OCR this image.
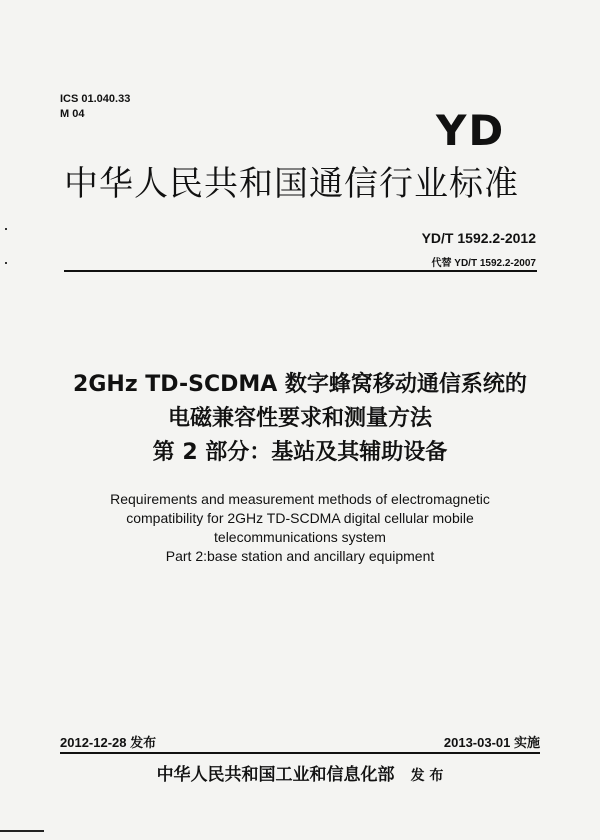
ICS 01.040.33
M 04	YD
中华人民共和国通信行业标准
YD/T 1592.2-2012
代替 YD/T 1592.2-2007
2GHz TD-SCDMA 数字蜂窝移动通信系统的
电磁兼容性要求和测量方法
第 2 部分：基站及其辅助设备
Requirements and measurement methods of electromagnetic
compatibility for 2GHz TD-SCDMA digital cellular mobile
telecommunications system
Part 2:base station and ancillary equipment
2012-12-28 发布	2013-03-01 实施
中华人民共和国工业和信息化部 发 布
